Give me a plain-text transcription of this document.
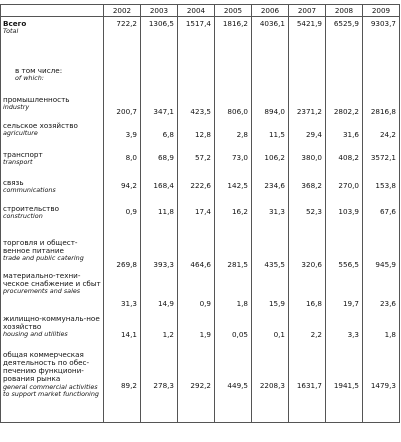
	2002	2003	2004	2005	2006	2007	2008	2009

Всего
Total	722,2	1306,5	1517,4	1816,2	4036,1	5421,9	6525,9	9303,7

в том числе:
of which:								

промышленность
industry	200,7	347,1	423,5	806,0	894,0	2371,2	2802,2	2816,8

сельское хозяйство
agriculture	3,9	6,8	12,8	2,8	11,5	29,4	31,6	24,2

транспорт
transport	8,0	68,9	57,2	73,0	106,2	380,0	408,2	3572,1

связь
communications	94,2	168,4	222,6	142,5	234,6	368,2	270,0	153,8

строительство
construction	0,9	11,8	17,4	16,2	31,3	52,3	103,9	67,6

торговля и общест-венное питание
trade and public catering	269,8	393,3	464,6	281,5	435,5	320,6	556,5	945,9

материально-техни-ческое снабжение и сбыт
procurements and sales	31,3	14,9	0,9	1,8	15,9	16,8	19,7	23,6

жилищно-коммуналь-ное хозяйство
housing and utilities	14,1	1,2	1,9	0,05	0,1	2,2	3,3	1,8

общая коммерческая деятельность по обес-печению функциони-рования рынка
general commercial activities to support market functioning	89,2	278,3	292,2	449,5	2208,3	1631,7	1941,5	1479,3
